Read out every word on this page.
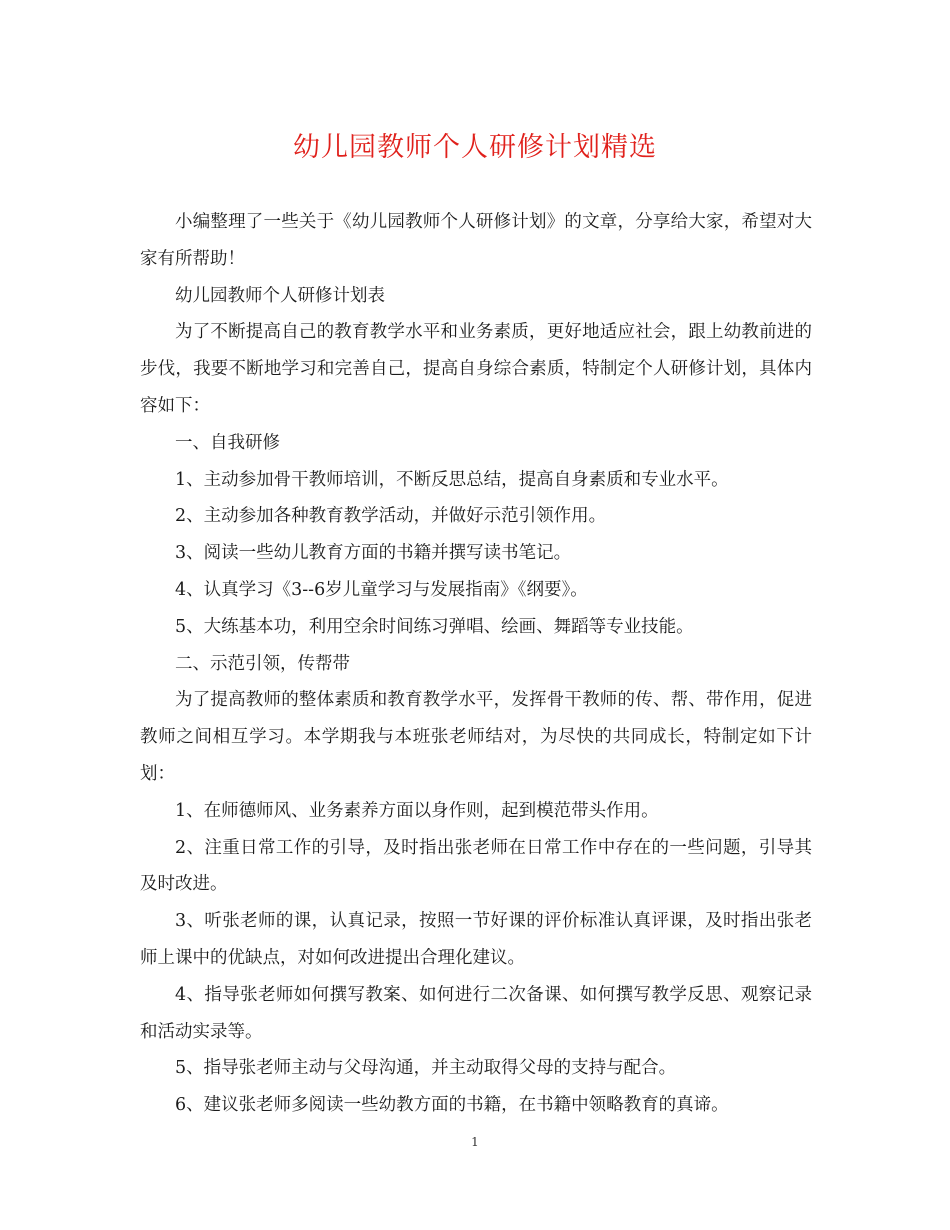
幼儿园教师个人研修计划精选

小编整理了一些关于《幼儿园教师个人研修计划》的文章，分享给大家，希望对大家有所帮助！

幼儿园教师个人研修计划表

为了不断提高自己的教育教学水平和业务素质，更好地适应社会，跟上幼教前进的步伐，我要不断地学习和完善自己，提高自身综合素质，特制定个人研修计划，具体内容如下：

一、自我研修

1、主动参加骨干教师培训，不断反思总结，提高自身素质和专业水平。

2、主动参加各种教育教学活动，并做好示范引领作用。

3、阅读一些幼儿教育方面的书籍并撰写读书笔记。

4、认真学习《3--6岁儿童学习与发展指南》《纲要》。

5、大练基本功，利用空余时间练习弹唱、绘画、舞蹈等专业技能。

二、示范引领，传帮带

为了提高教师的整体素质和教育教学水平，发挥骨干教师的传、帮、带作用，促进教师之间相互学习。本学期我与本班张老师结对，为尽快的共同成长，特制定如下计划：

1、在师德师风、业务素养方面以身作则，起到模范带头作用。

2、注重日常工作的引导，及时指出张老师在日常工作中存在的一些问题，引导其及时改进。

3、听张老师的课，认真记录，按照一节好课的评价标准认真评课，及时指出张老师上课中的优缺点，对如何改进提出合理化建议。

4、指导张老师如何撰写教案、如何进行二次备课、如何撰写教学反思、观察记录和活动实录等。

5、指导张老师主动与父母沟通，并主动取得父母的支持与配合。

6、建议张老师多阅读一些幼教方面的书籍，在书籍中领略教育的真谛。

1
